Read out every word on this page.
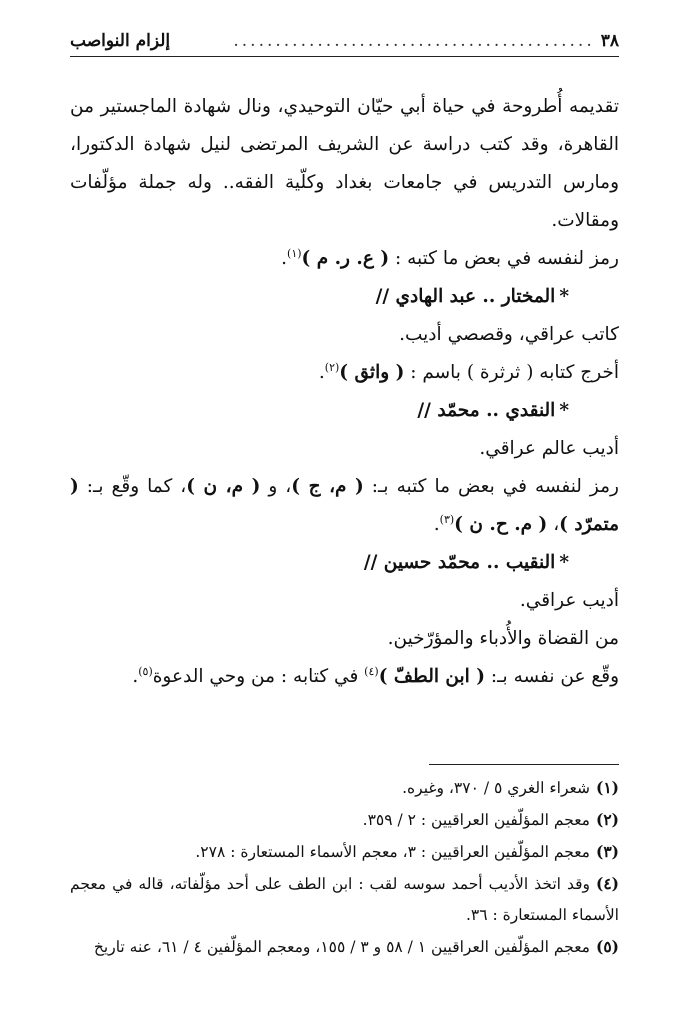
٣٨
...........................................
إلزام النواصب

تقديمه أُطروحة في حياة أبي حيّان التوحيدي، ونال شهادة الماجستير من القاهرة، وقد كتب دراسة عن الشريف المرتضى لنيل شهادة الدكتورا، ومارس التدريس في جامعات بغداد وكلّية الفقه.. وله جملة مؤلّفات ومقالات.

رمز لنفسه في بعض ما كتبه : ( ع. ر. م )$^{(١)}$.

*المختار .. عبد الهادي //

كاتب عراقي، وقصصي أديب.

أخرج كتابه ( ثرثرة ) باسم : ( واثق )$^{(٢)}$.

*النقدي .. محمّد //

أديب عالم عراقي.

رمز لنفسه في بعض ما كتبه بـ: ( م، ج )، و ( م، ن )، كما وقّع بـ: ( متمرّد )، ( م. ح. ن )$^{(٣)}$.

*النقيب .. محمّد حسين //

أديب عراقي.

من القضاة والأُدباء والمؤرّخين.

وقّع عن نفسه بـ: ( ابن الطفّ )$^{(٤)}$ في كتابه : من وحي الدعوة$^{(٥)}$.

(١)شعراء الغري ٥ / ٣٧٠، وغيره.

(٢)معجم المؤلّفين العراقيين : ٢ / ٣٥٩.

(٣)معجم المؤلّفين العراقيين : ٣، معجم الأسماء المستعارة : ٢٧٨.

(٤)وقد اتخذ الأديب أحمد سوسه لقب : ابن الطف على أحد مؤلّفاته، قاله في معجم الأسماء المستعارة : ٣٦.

(٥)معجم المؤلّفين العراقيين ١ / ٥٨ و ٣ / ١٥٥، ومعجم المؤلّفين ٤ / ٦١، عنه تاريخ
